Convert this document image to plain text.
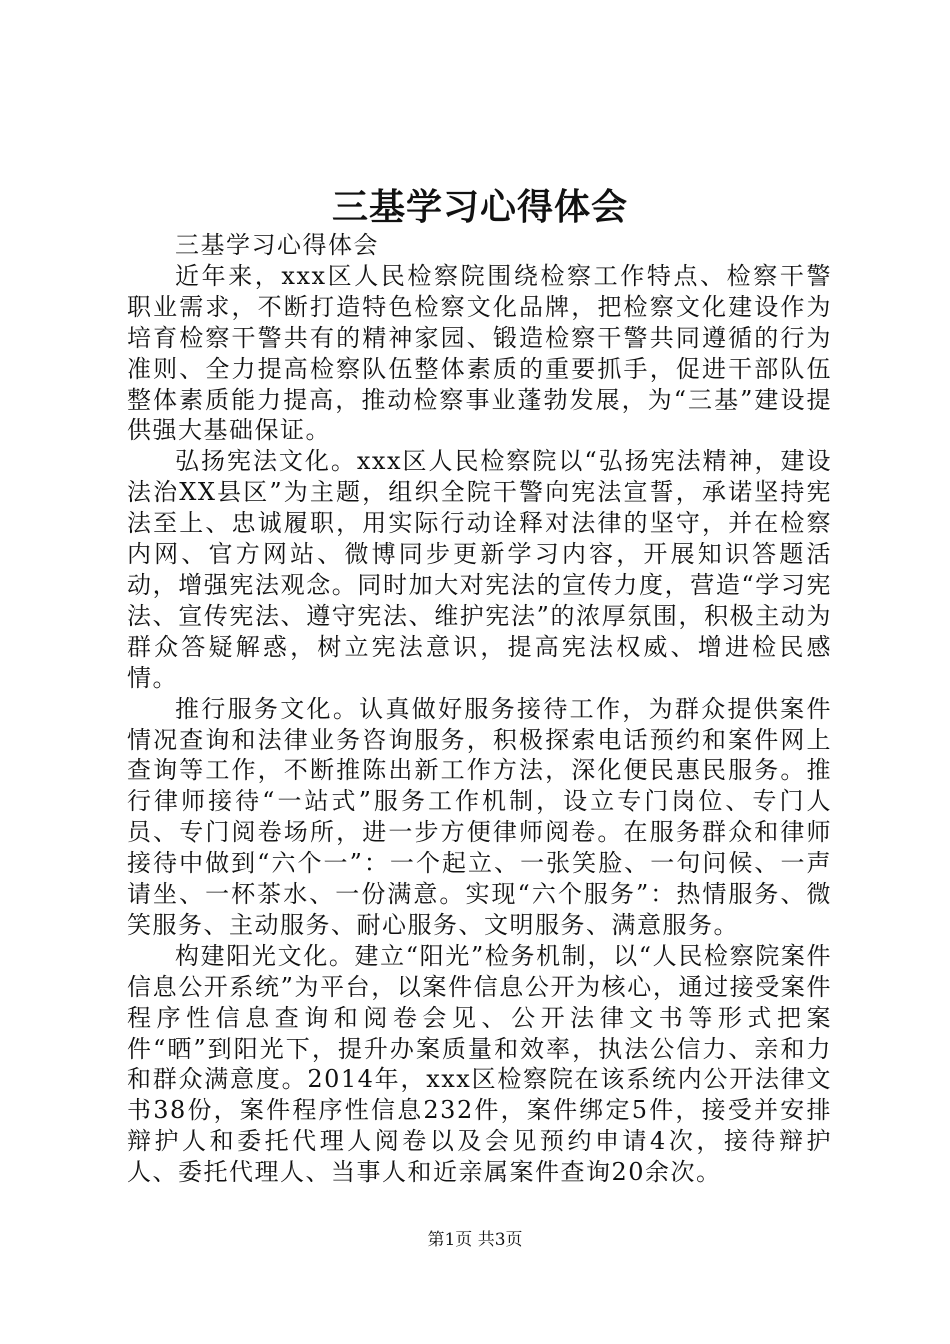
三基学习心得体会

三基学习心得体会

近年来，xxx区人民检察院围绕检察工作特点、检察干警职业需求，不断打造特色检察文化品牌，把检察文化建设作为培育检察干警共有的精神家园、锻造检察干警共同遵循的行为准则、全力提高检察队伍整体素质的重要抓手，促进干部队伍整体素质能力提高，推动检察事业蓬勃发展，为“三基”建设提供强大基础保证。

弘扬宪法文化。xxx区人民检察院以“弘扬宪法精神，建设法治XX县区”为主题，组织全院干警向宪法宣誓，承诺坚持宪法至上、忠诚履职，用实际行动诠释对法律的坚守，并在检察内网、官方网站、微博同步更新学习内容，开展知识答题活动，增强宪法观念。同时加大对宪法的宣传力度，营造“学习宪法、宣传宪法、遵守宪法、维护宪法”的浓厚氛围，积极主动为群众答疑解惑，树立宪法意识，提高宪法权威、增进检民感情。

推行服务文化。认真做好服务接待工作，为群众提供案件情况查询和法律业务咨询服务，积极探索电话预约和案件网上查询等工作，不断推陈出新工作方法，深化便民惠民服务。推行律师接待“一站式”服务工作机制，设立专门岗位、专门人员、专门阅卷场所，进一步方便律师阅卷。在服务群众和律师接待中做到“六个一”：一个起立、一张笑脸、一句问候、一声请坐、一杯茶水、一份满意。实现“六个服务”：热情服务、微笑服务、主动服务、耐心服务、文明服务、满意服务。

构建阳光文化。建立“阳光”检务机制，以“人民检察院案件信息公开系统”为平台，以案件信息公开为核心，通过接受案件程序性信息查询和阅卷会见、公开法律文书等形式把案件“晒”到阳光下，提升办案质量和效率，执法公信力、亲和力和群众满意度。2014年，xxx区检察院在该系统内公开法律文书38份，案件程序性信息232件，案件绑定5件，接受并安排辩护人和委托代理人阅卷以及会见预约申请4次，接待辩护人、委托代理人、当事人和近亲属案件查询20余次。

第1页 共3页
